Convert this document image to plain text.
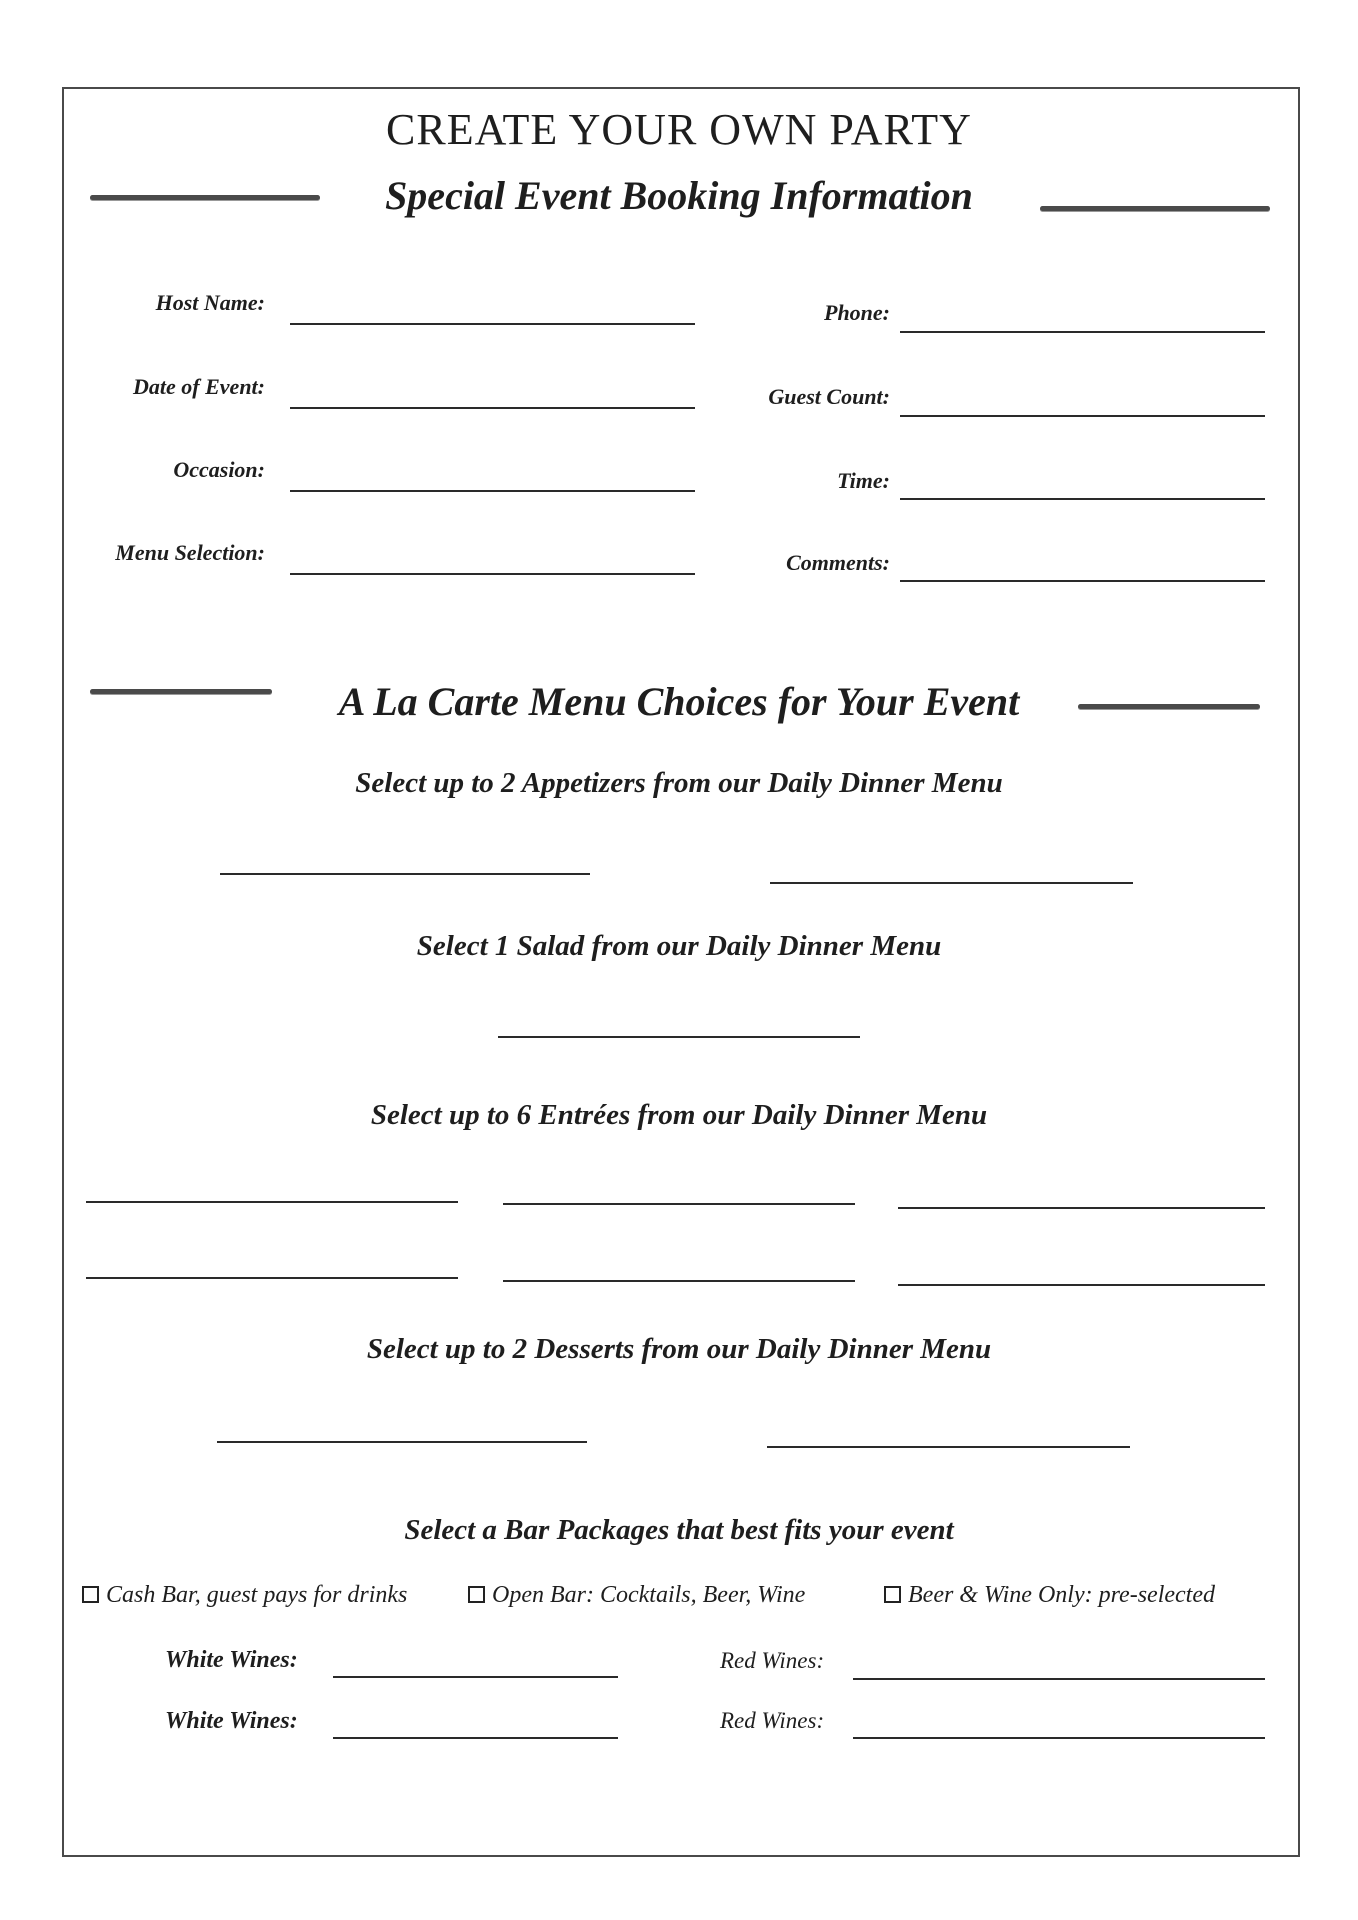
CREATE YOUR OWN PARTY
Special Event Booking Information
Host Name:	Phone:
Date of Event:	Guest Count:
Occasion:	Time:
Menu Selection:	Comments:
A La Carte Menu Choices for Your Event
Select up to 2 Appetizers from our Daily Dinner Menu
Select 1 Salad from our Daily Dinner Menu
Select up to 6 Entrées from our Daily Dinner Menu
Select up to 2 Desserts from our Daily Dinner Menu
Select a Bar Packages that best fits your event
Cash Bar, guest pays for drinks	Open Bar: Cocktails, Beer, Wine	Beer & Wine Only: pre-selected
White Wines:	Red Wines:
White Wines:	Red Wines:
